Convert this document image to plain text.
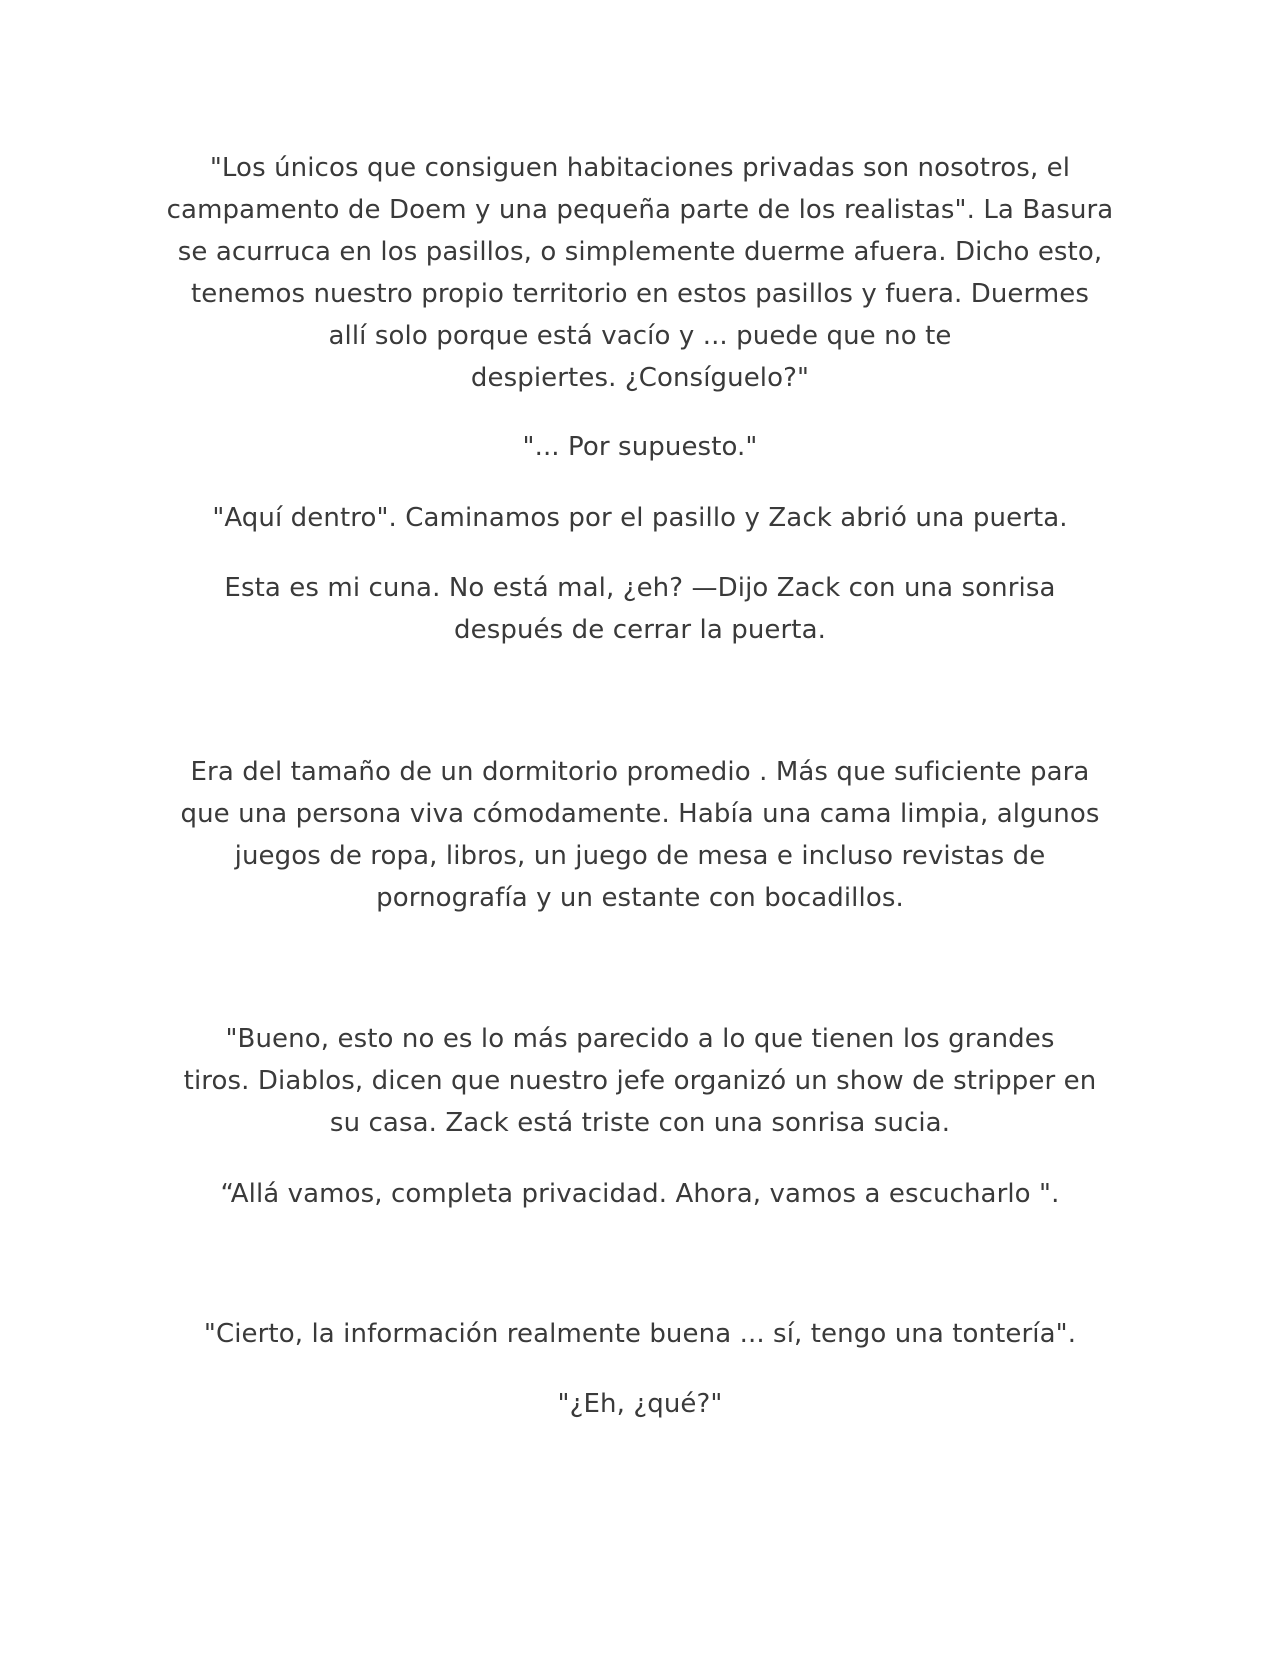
"Los únicos que consiguen habitaciones privadas son nosotros, el
campamento de Doem y una pequeña parte de los realistas". La Basura
se acurruca en los pasillos, o simplemente duerme afuera. Dicho esto,
tenemos nuestro propio territorio en estos pasillos y fuera. Duermes
allí solo porque está vacío y ... puede que no te
despiertes. ¿Consíguelo?"
"... Por supuesto."
"Aquí dentro". Caminamos por el pasillo y Zack abrió una puerta.
Esta es mi cuna. No está mal, ¿eh? —Dijo Zack con una sonrisa
después de cerrar la puerta.
Era del tamaño de un dormitorio promedio . Más que suficiente para
que una persona viva cómodamente. Había una cama limpia, algunos
juegos de ropa, libros, un juego de mesa e incluso revistas de
pornografía y un estante con bocadillos.
"Bueno, esto no es lo más parecido a lo que tienen los grandes
tiros. Diablos, dicen que nuestro jefe organizó un show de stripper en
su casa. Zack está triste con una sonrisa sucia.
“Allá vamos, completa privacidad. Ahora, vamos a escucharlo ".
"Cierto, la información realmente buena ... sí, tengo una tontería".
"¿Eh, ¿qué?"
